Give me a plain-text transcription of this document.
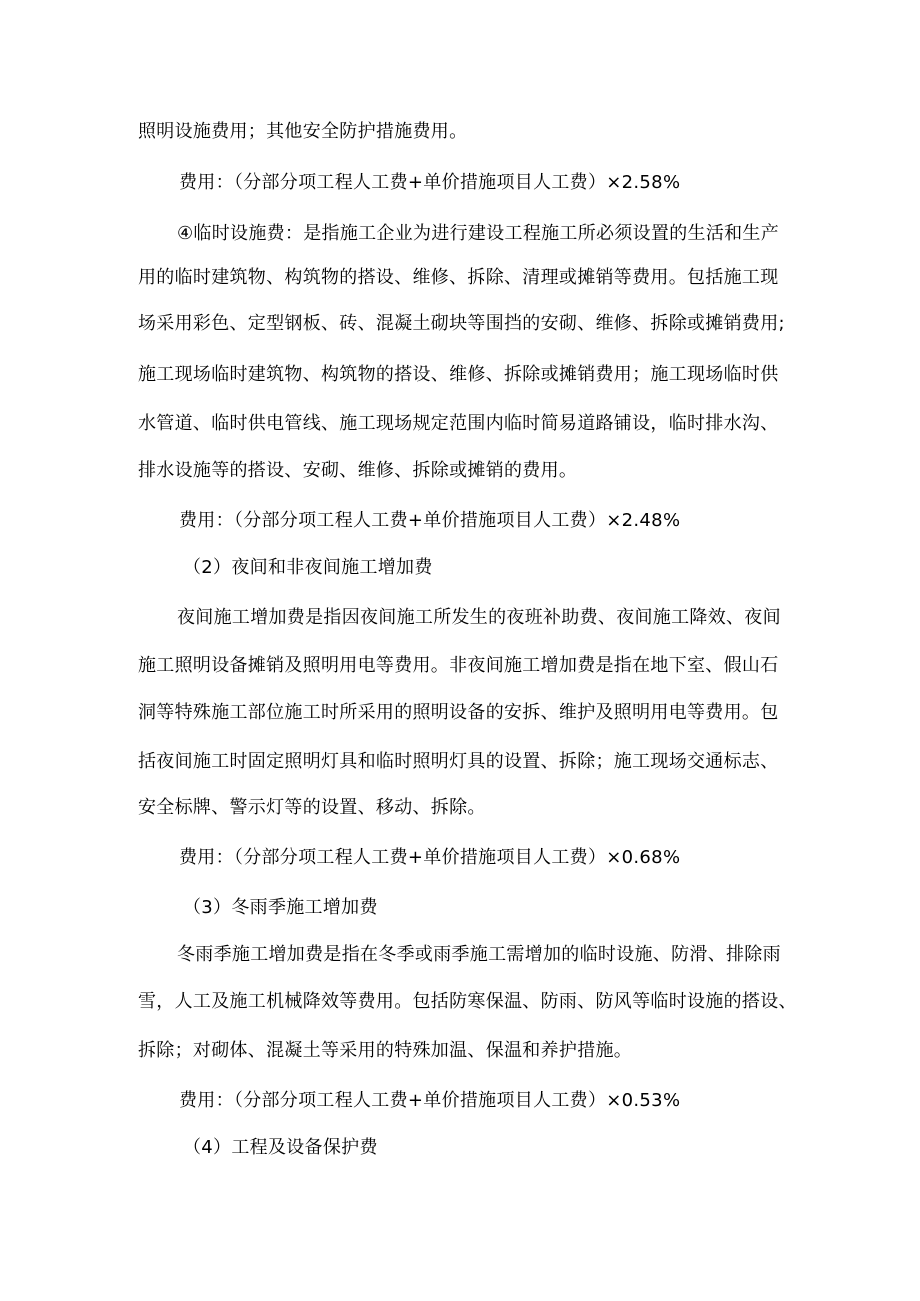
照明设施费用；其他安全防护措施费用。
费用：（分部分项工程人工费+单价措施项目人工费）×2.58%
④临时设施费：是指施工企业为进行建设工程施工所必须设置的生活和生产
用的临时建筑物、构筑物的搭设、维修、拆除、清理或摊销等费用。包括施工现
场采用彩色、定型钢板、砖、混凝土砌块等围挡的安砌、维修、拆除或摊销费用;
施工现场临时建筑物、构筑物的搭设、维修、拆除或摊销费用；施工现场临时供
水管道、临时供电管线、施工现场规定范围内临时简易道路铺设，临时排水沟、
排水设施等的搭设、安砌、维修、拆除或摊销的费用。
费用：（分部分项工程人工费+单价措施项目人工费）×2.48%
（2）夜间和非夜间施工增加费
夜间施工增加费是指因夜间施工所发生的夜班补助费、夜间施工降效、夜间
施工照明设备摊销及照明用电等费用。非夜间施工增加费是指在地下室、假山石
洞等特殊施工部位施工时所采用的照明设备的安拆、维护及照明用电等费用。包
括夜间施工时固定照明灯具和临时照明灯具的设置、拆除；施工现场交通标志、
安全标牌、警示灯等的设置、移动、拆除。
费用：（分部分项工程人工费+单价措施项目人工费）×0.68%
（3）冬雨季施工增加费
冬雨季施工增加费是指在冬季或雨季施工需增加的临时设施、防滑、排除雨
雪，人工及施工机械降效等费用。包括防寒保温、防雨、防风等临时设施的搭设、
拆除；对砌体、混凝土等采用的特殊加温、保温和养护措施。
费用：（分部分项工程人工费+单价措施项目人工费）×0.53%
（4）工程及设备保护费
